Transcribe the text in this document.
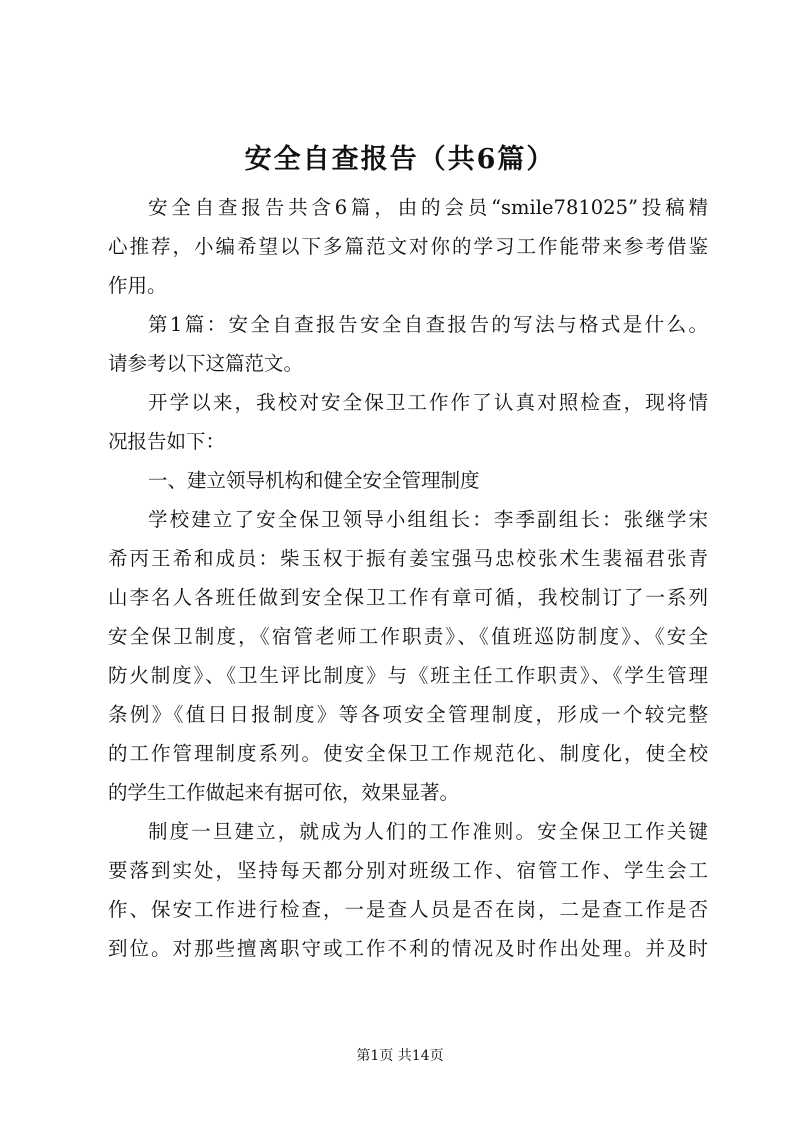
安全自查报告（共6篇）
安全自查报告共含6篇，由的会员“smile781025”投稿精
心推荐，小编希望以下多篇范文对你的学习工作能带来参考借鉴
作用。
第1篇：安全自查报告安全自查报告的写法与格式是什么。
请参考以下这篇范文。
开学以来，我校对安全保卫工作作了认真对照检查，现将情
况报告如下：
一、建立领导机构和健全安全管理制度
学校建立了安全保卫领导小组组长：李季副组长：张继学宋
希丙王希和成员：柴玉权于振有姜宝强马忠校张术生裴福君张青
山李名人各班任做到安全保卫工作有章可循，我校制订了一系列
安全保卫制度，《宿管老师工作职责》、《值班巡防制度》、《安全
防火制度》、《卫生评比制度》与《班主任工作职责》、《学生管理
条例》《值日日报制度》等各项安全管理制度，形成一个较完整
的工作管理制度系列。使安全保卫工作规范化、制度化，使全校
的学生工作做起来有据可依，效果显著。
制度一旦建立，就成为人们的工作准则。安全保卫工作关键
要落到实处，坚持每天都分别对班级工作、宿管工作、学生会工
作、保安工作进行检查，一是查人员是否在岗，二是查工作是否
到位。对那些擅离职守或工作不利的情况及时作出处理。并及时
第1页 共14页
